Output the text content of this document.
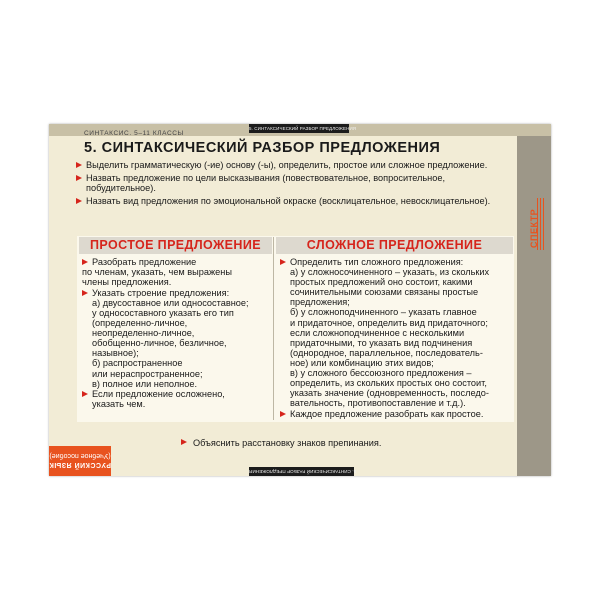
5. СИНТАКСИЧЕСКИЙ РАЗБОР ПРЕДЛОЖЕНИЯ
СИНТАКСИС. 5–11 КЛАССЫ
5. СИНТАКСИЧЕСКИЙ РАЗБОР ПРЕДЛОЖЕНИЯ
СПЕКТР
Выделить грамматическую (-ие) основу (-ы), определить, простое или сложное предложение.
Назвать предложение по цели высказывания (повествовательное, вопросительное, побудительное).
Назвать вид предложения по эмоциональной окраске (восклицательное, невосклицательное).
ПРОСТОЕ ПРЕДЛОЖЕНИЕ	СЛОЖНОЕ ПРЕДЛОЖЕНИЕ
Разобрать предложение
по членам, указать, чем выражены
члены предложения.
Указать строение предложения:
а) двусоставное или односоставное;
у односоставного указать его тип
(определенно-личное,
неопределенно-личное,
обобщенно-личное, безличное,
назывное);
б) распространенное
или нераспространенное;
в) полное или неполное.
Если предложение осложнено,
указать чем.
Определить тип сложного предложения:
а) у сложносочиненного – указать, из скольких
простых предложений оно состоит, какими
сочинительными союзами связаны простые
предложения;
б) у сложноподчиненного – указать главное
и придаточное, определить вид придаточного;
если сложноподчиненное с несколькими
придаточными, то указать вид подчинения
(однородное, параллельное, последователь-
ное) или комбинацию этих видов;
в) у сложного бессоюзного предложения –
определить, из скольких простых оно состоит,
указать значение (одновременность, последо-
вательность, противопоставление и т.д.).
Каждое предложение разобрать как простое.
Объяснить расстановку знаков препинания.
РУССКИЙ ЯЗЫК
(Учебное пособие)
5. СИНТАКСИЧЕСКИЙ РАЗБОР ПРЕДЛОЖЕНИЯ
